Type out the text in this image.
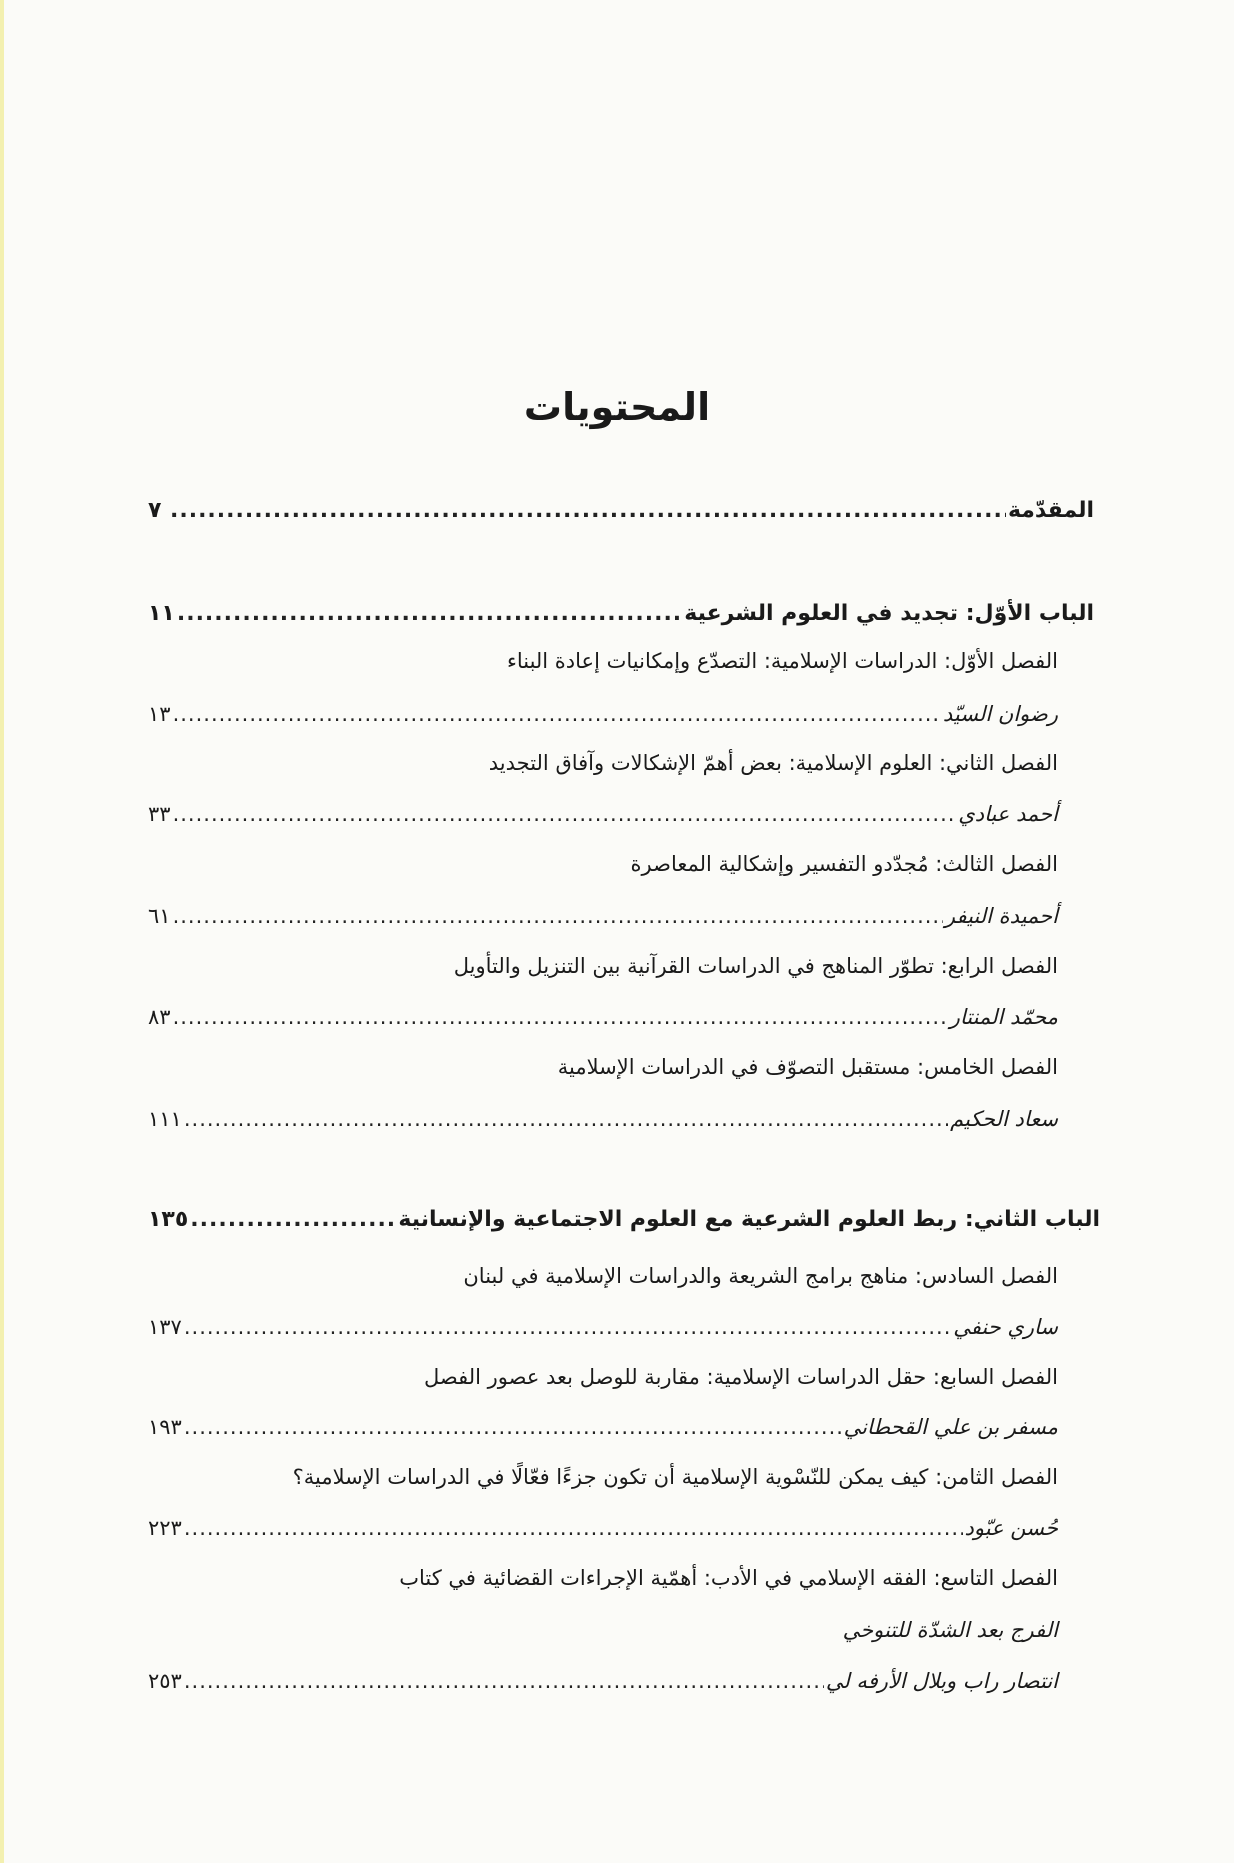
المحتويات
المقدّمة
.....
٧
الباب الأوّل: تجديد في العلوم الشرعية
.....
١١
الفصل الأوّل: الدراسات الإسلامية: التصدّع وإمكانيات إعادة البناء
رضوان السيّد
.....
١٣
الفصل الثاني: العلوم الإسلامية: بعض أهمّ الإشكالات وآفاق التجديد
أحمد عبادي
.....
٣٣
الفصل الثالث: مُجدّدو التفسير وإشكالية المعاصرة
أحميدة النيفر
.....
٦١
الفصل الرابع: تطوّر المناهج في الدراسات القرآنية بين التنزيل والتأويل
محمّد المنتار
.....
٨٣
الفصل الخامس: مستقبل التصوّف في الدراسات الإسلامية
سعاد الحكيم
.....
١١١
الباب الثاني: ربط العلوم الشرعية مع العلوم الاجتماعية والإنسانية
.....
١٣٥
الفصل السادس: مناهج برامج الشريعة والدراسات الإسلامية في لبنان
ساري حنفي
.....
١٣٧
الفصل السابع: حقل الدراسات الإسلامية: مقاربة للوصل بعد عصور الفصل
مسفر بن علي القحطاني
.....
١٩٣
الفصل الثامن: كيف يمكن للنّسْوية الإسلامية أن تكون جزءًا فعّالًا في الدراسات الإسلامية؟
حُسن عبّود
.....
٢٢٣
الفصل التاسع: الفقه الإسلامي في الأدب: أهمّية الإجراءات القضائية في كتاب
الفرج بعد الشدّة للتنوخي
انتصار راب وبلال الأرفه لي
.....
٢٥٣
